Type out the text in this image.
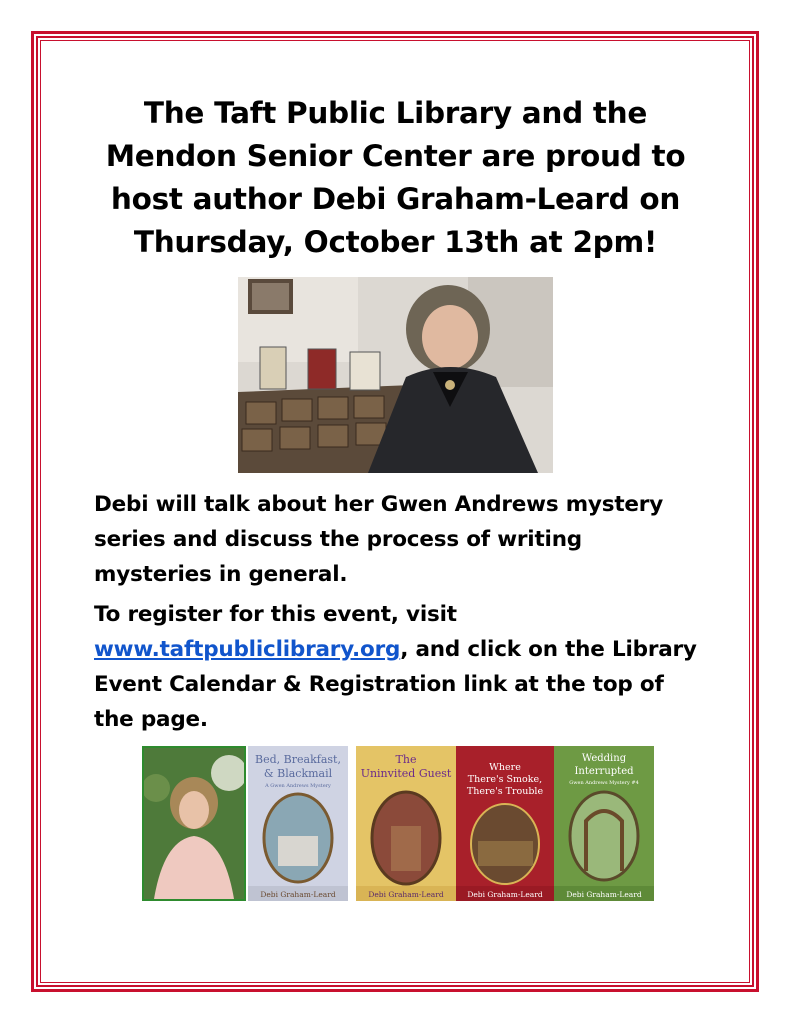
The Taft Public Library and the
Mendon Senior Center are proud to
host author Debi Graham-Leard on
Thursday, October 13th at 2pm!

Debi will talk about her Gwen Andrews mystery series and discuss the process of writing mysteries in general.

To register for this event, visit
www.taftpubliclibrary.org, and click on the Library Event Calendar & Registration link at the top of the page.

Bed, Breakfast,
& Blackmail
A Gwen Andrews Mystery
Debi Graham-Leard
The
Uninvited Guest
Debi Graham-Leard
Where
There's Smoke,
There's Trouble
Debi Graham-Leard
Wedding
Interrupted
Gwen Andrews Mystery #4
Debi Graham-Leard
